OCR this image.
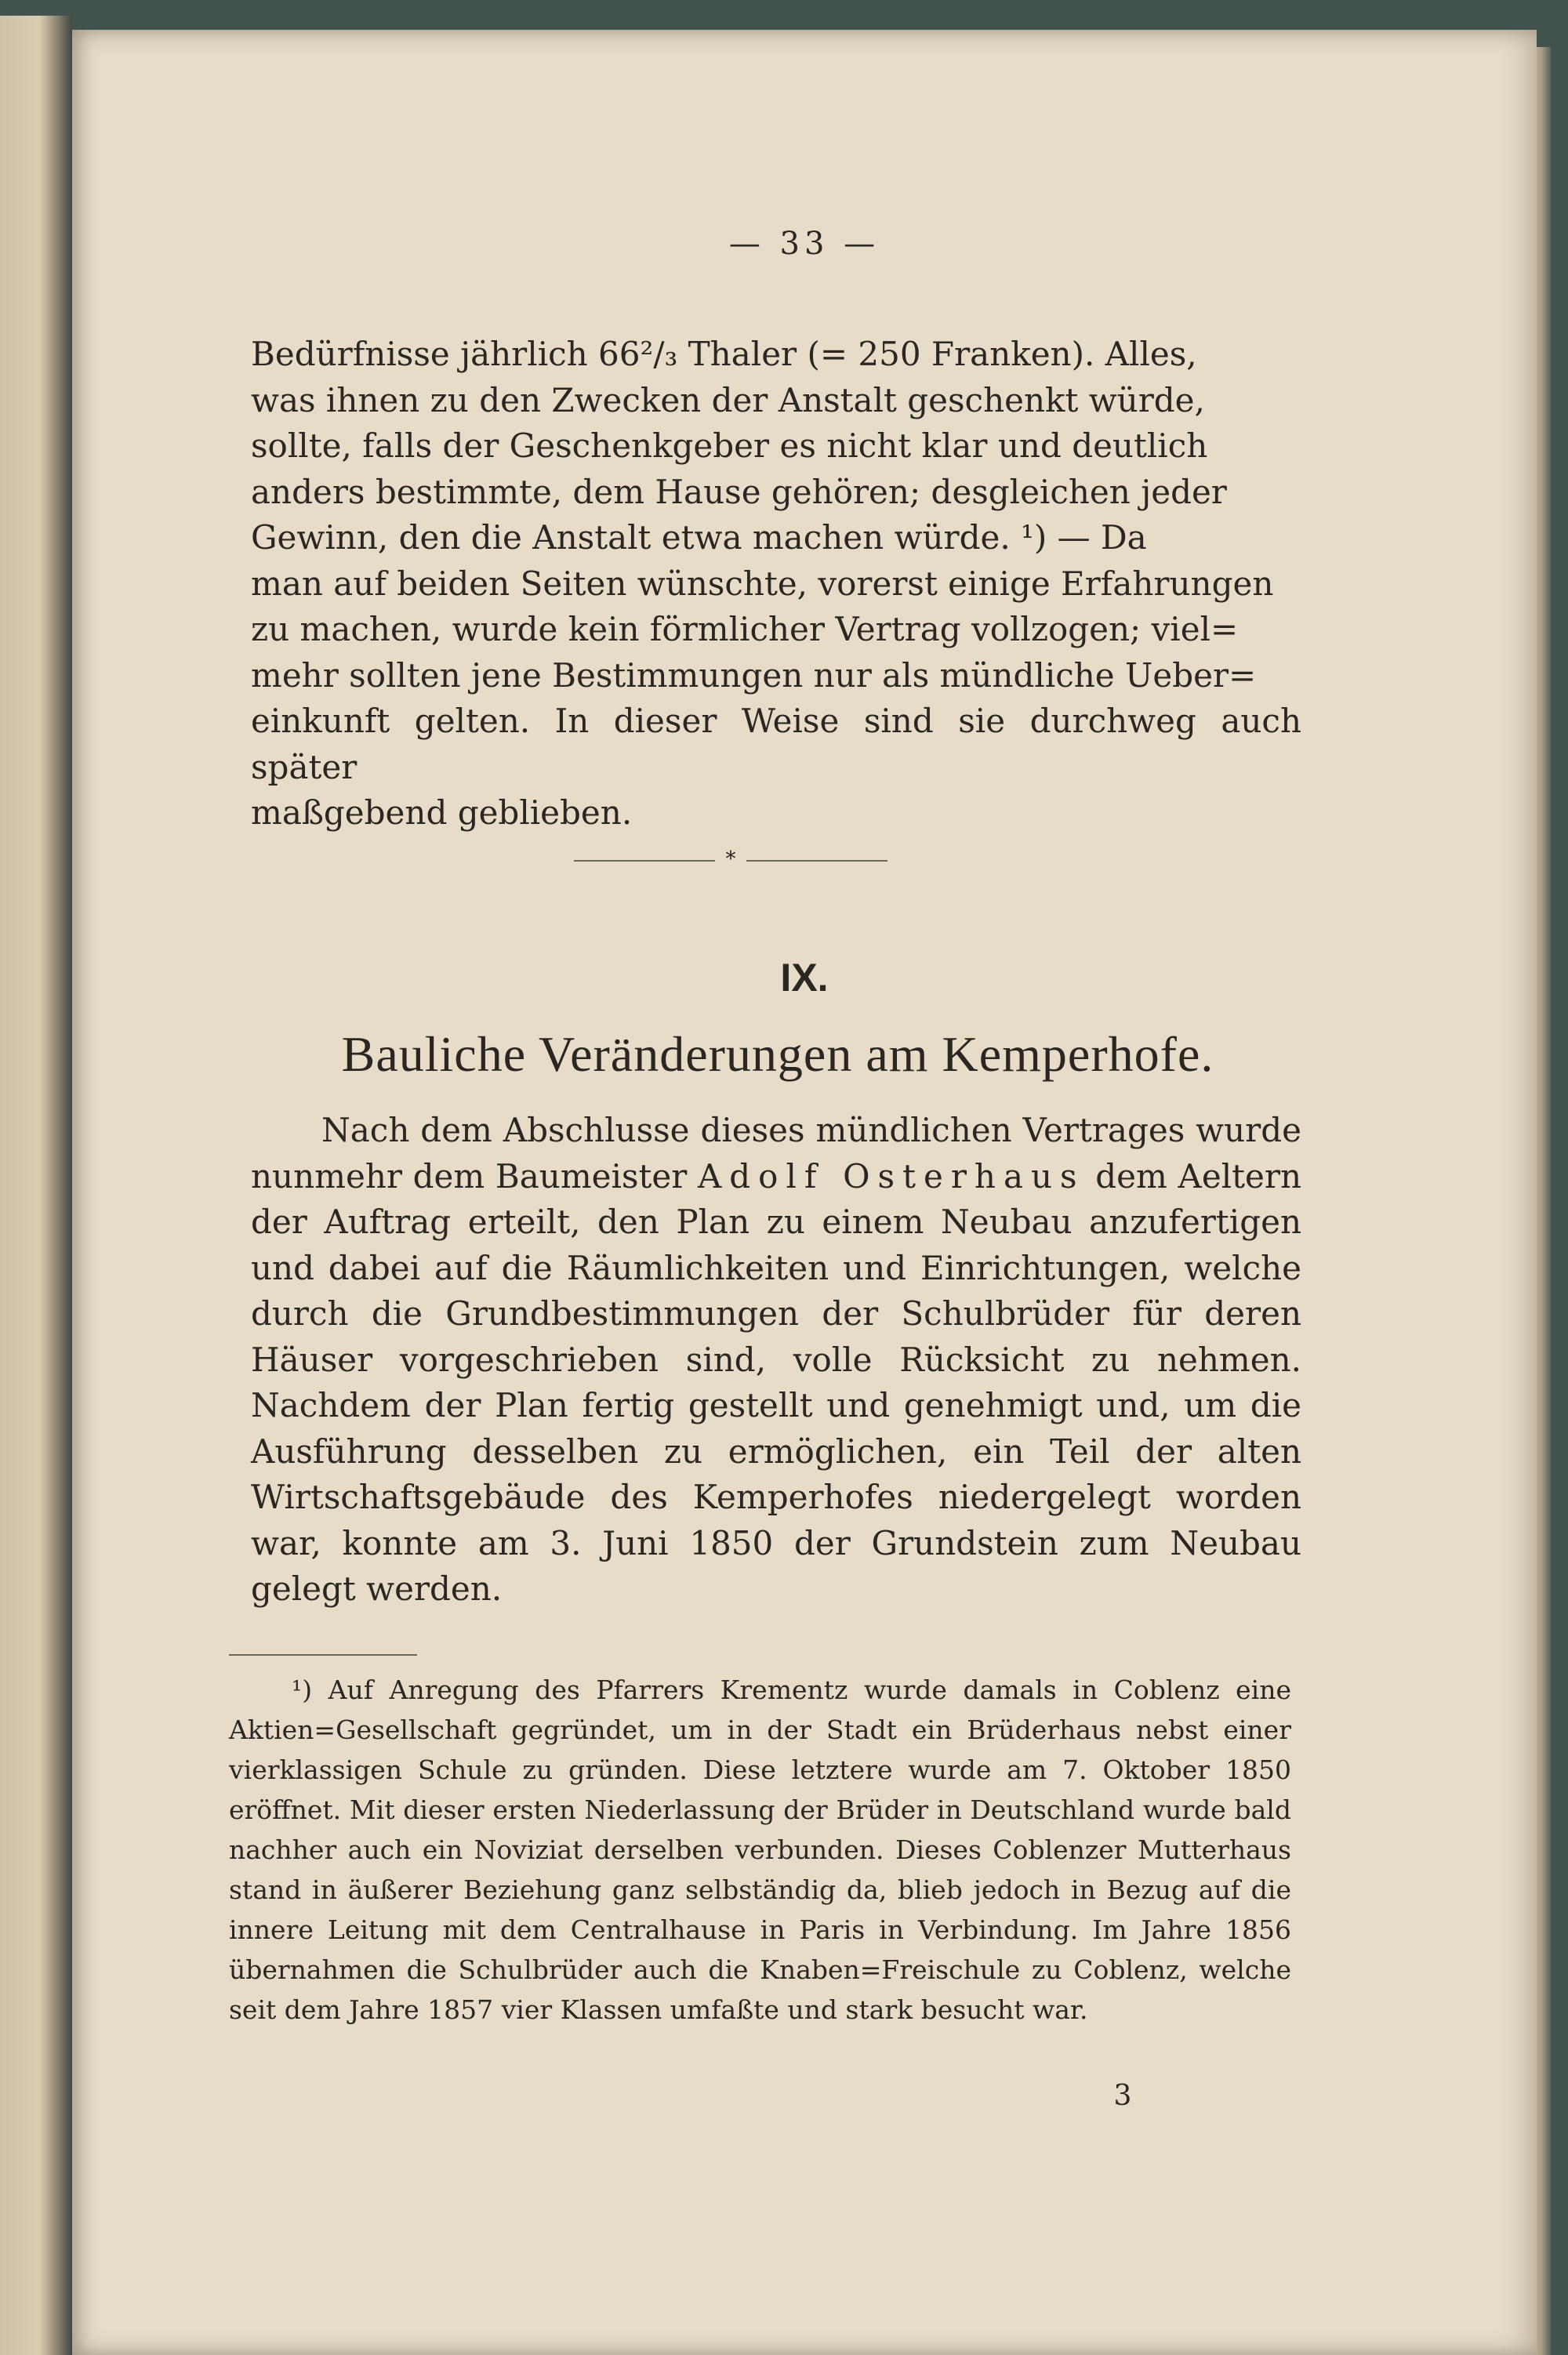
— 33 —
Bedürfnisse jährlich 66²/₃ Thaler (= 250 Franken). Alles,
was ihnen zu den Zwecken der Anstalt geschenkt würde,
sollte, falls der Geschenkgeber es nicht klar und deutlich
anders bestimmte, dem Hause gehören; desgleichen jeder
Gewinn, den die Anstalt etwa machen würde. ¹) — Da
man auf beiden Seiten wünschte, vorerst einige Erfahrungen
zu machen, wurde kein förmlicher Vertrag vollzogen; viel=
mehr sollten jene Bestimmungen nur als mündliche Ueber=
einkunft gelten. In dieser Weise sind sie durchweg auch später
maßgebend geblieben.
*
IX.
Bauliche Veränderungen am Kemperhofe.
Nach dem Abschlusse dieses mündlichen Vertrages wurde nunmehr dem Baumeister Adolf Osterhaus dem Aeltern der Auftrag erteilt, den Plan zu einem Neubau anzufertigen und dabei auf die Räumlichkeiten und Einrichtungen, welche durch die Grundbestimmungen der Schulbrüder für deren Häuser vorgeschrieben sind, volle Rücksicht zu nehmen. Nachdem der Plan fertig gestellt und genehmigt und, um die Ausführung desselben zu ermöglichen, ein Teil der alten Wirtschaftsgebäude des Kemperhofes niedergelegt worden war, konnte am 3. Juni 1850 der Grundstein zum Neubau gelegt werden.
¹) Auf Anregung des Pfarrers Krementz wurde damals in Coblenz eine Aktien=Gesellschaft gegründet, um in der Stadt ein Brüderhaus nebst einer vierklassigen Schule zu gründen. Diese letztere wurde am 7. Oktober 1850 eröffnet. Mit dieser ersten Niederlassung der Brüder in Deutschland wurde bald nachher auch ein Noviziat derselben verbunden. Dieses Coblenzer Mutterhaus stand in äußerer Beziehung ganz selbständig da, blieb jedoch in Bezug auf die innere Leitung mit dem Centralhause in Paris in Verbindung. Im Jahre 1856 übernahmen die Schulbrüder auch die Knaben=Freischule zu Coblenz, welche seit dem Jahre 1857 vier Klassen umfaßte und stark besucht war.
3
